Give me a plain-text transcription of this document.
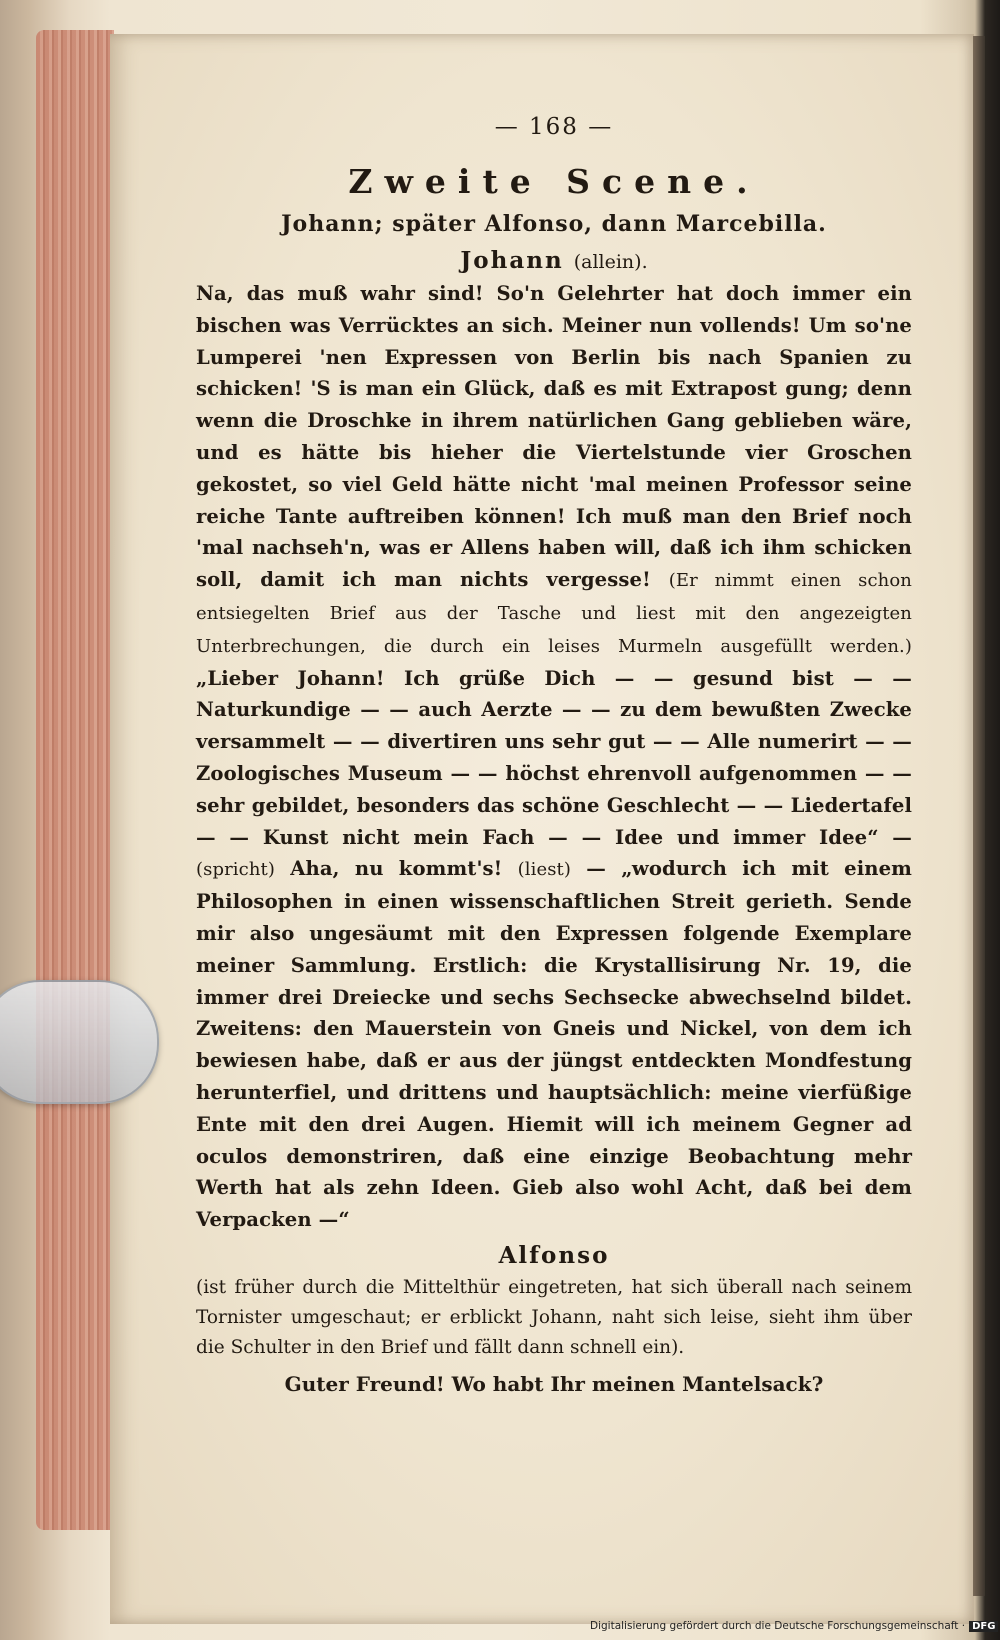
— 168 —
Zweite Scene.
Johann; später Alfonso, dann Marcebilla.
Johann (allein).
Na, das muß wahr sind! So'n Gelehrter hat doch immer ein bischen was Verrücktes an sich. Meiner nun vollends! Um so'ne Lumperei 'nen Expressen von Berlin bis nach Spanien zu schicken! 'S is man ein Glück, daß es mit Extrapost gung; denn wenn die Droschke in ihrem natürlichen Gang geblieben wäre, und es hätte bis hieher die Viertelstunde vier Groschen gekostet, so viel Geld hätte nicht 'mal meinen Professor seine reiche Tante auftreiben können! Ich muß man den Brief noch 'mal nachseh'n, was er Allens haben will, daß ich ihm schicken soll, damit ich man nichts vergesse! (Er nimmt einen schon entsiegelten Brief aus der Tasche und liest mit den angezeigten Unterbrechungen, die durch ein leises Murmeln ausgefüllt werden.) „Lieber Johann! Ich grüße Dich — — gesund bist — — Naturkundige — — auch Aerzte — — zu dem bewußten Zwecke versammelt — — divertiren uns sehr gut — — Alle numerirt — — Zoologisches Museum — — höchst ehrenvoll aufgenommen — — sehr gebildet, besonders das schöne Geschlecht — — Liedertafel — — Kunst nicht mein Fach — — Idee und immer Idee“ — (spricht) Aha, nu kommt's! (liest) — „wodurch ich mit einem Philosophen in einen wissenschaftlichen Streit gerieth. Sende mir also ungesäumt mit den Expressen folgende Exemplare meiner Sammlung. Erstlich: die Krystallisirung Nr. 19, die immer drei Dreiecke und sechs Sechsecke abwechselnd bildet. Zweitens: den Mauerstein von Gneis und Nickel, von dem ich bewiesen habe, daß er aus der jüngst entdeckten Mondfestung herunterfiel, und drittens und hauptsächlich: meine vierfüßige Ente mit den drei Augen. Hiemit will ich meinem Gegner ad oculos demonstriren, daß eine einzige Beobachtung mehr Werth hat als zehn Ideen. Gieb also wohl Acht, daß bei dem Verpacken —“
Alfonso
(ist früher durch die Mittelthür eingetreten, hat sich überall nach seinem Tornister umgeschaut; er erblickt Johann, naht sich leise, sieht ihm über die Schulter in den Brief und fällt dann schnell ein).
Guter Freund! Wo habt Ihr meinen Mantelsack?
Digitalisierung gefördert durch die Deutsche Forschungsgemeinschaft · DFG
